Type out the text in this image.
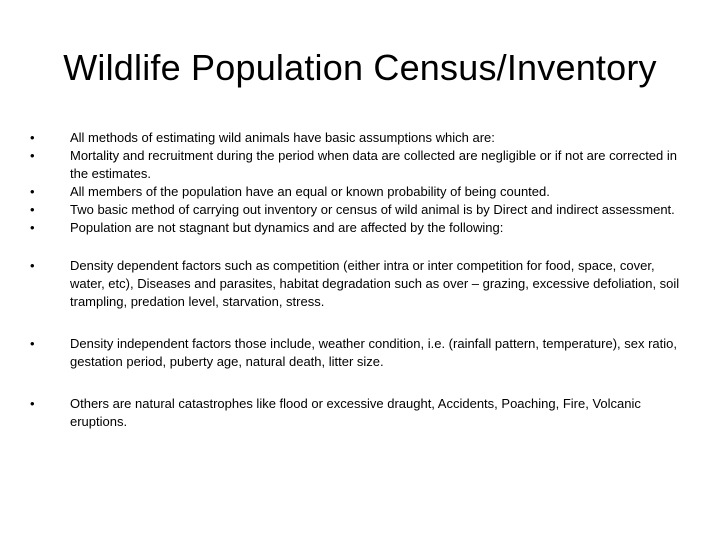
Wildlife Population Census/Inventory
•	All methods of estimating wild animals have basic assumptions which are:
•	Mortality and recruitment during the period when data are collected are negligible or if not are corrected in the estimates.
•	All members of the population have an equal or known probability of being counted.
•	Two basic method of carrying out inventory or census of wild animal is by Direct and indirect assessment.
•	Population are not stagnant but dynamics and are affected by the following:
•	Density dependent factors such as competition (either intra or inter competition for food, space, cover, water, etc), Diseases and parasites, habitat degradation such as over – grazing, excessive defoliation, soil trampling, predation level, starvation, stress.
•	Density independent factors those include, weather condition, i.e. (rainfall pattern, temperature), sex ratio, gestation period, puberty age, natural death, litter size.
•	Others are natural catastrophes like flood or excessive draught, Accidents, Poaching, Fire, Volcanic eruptions.
